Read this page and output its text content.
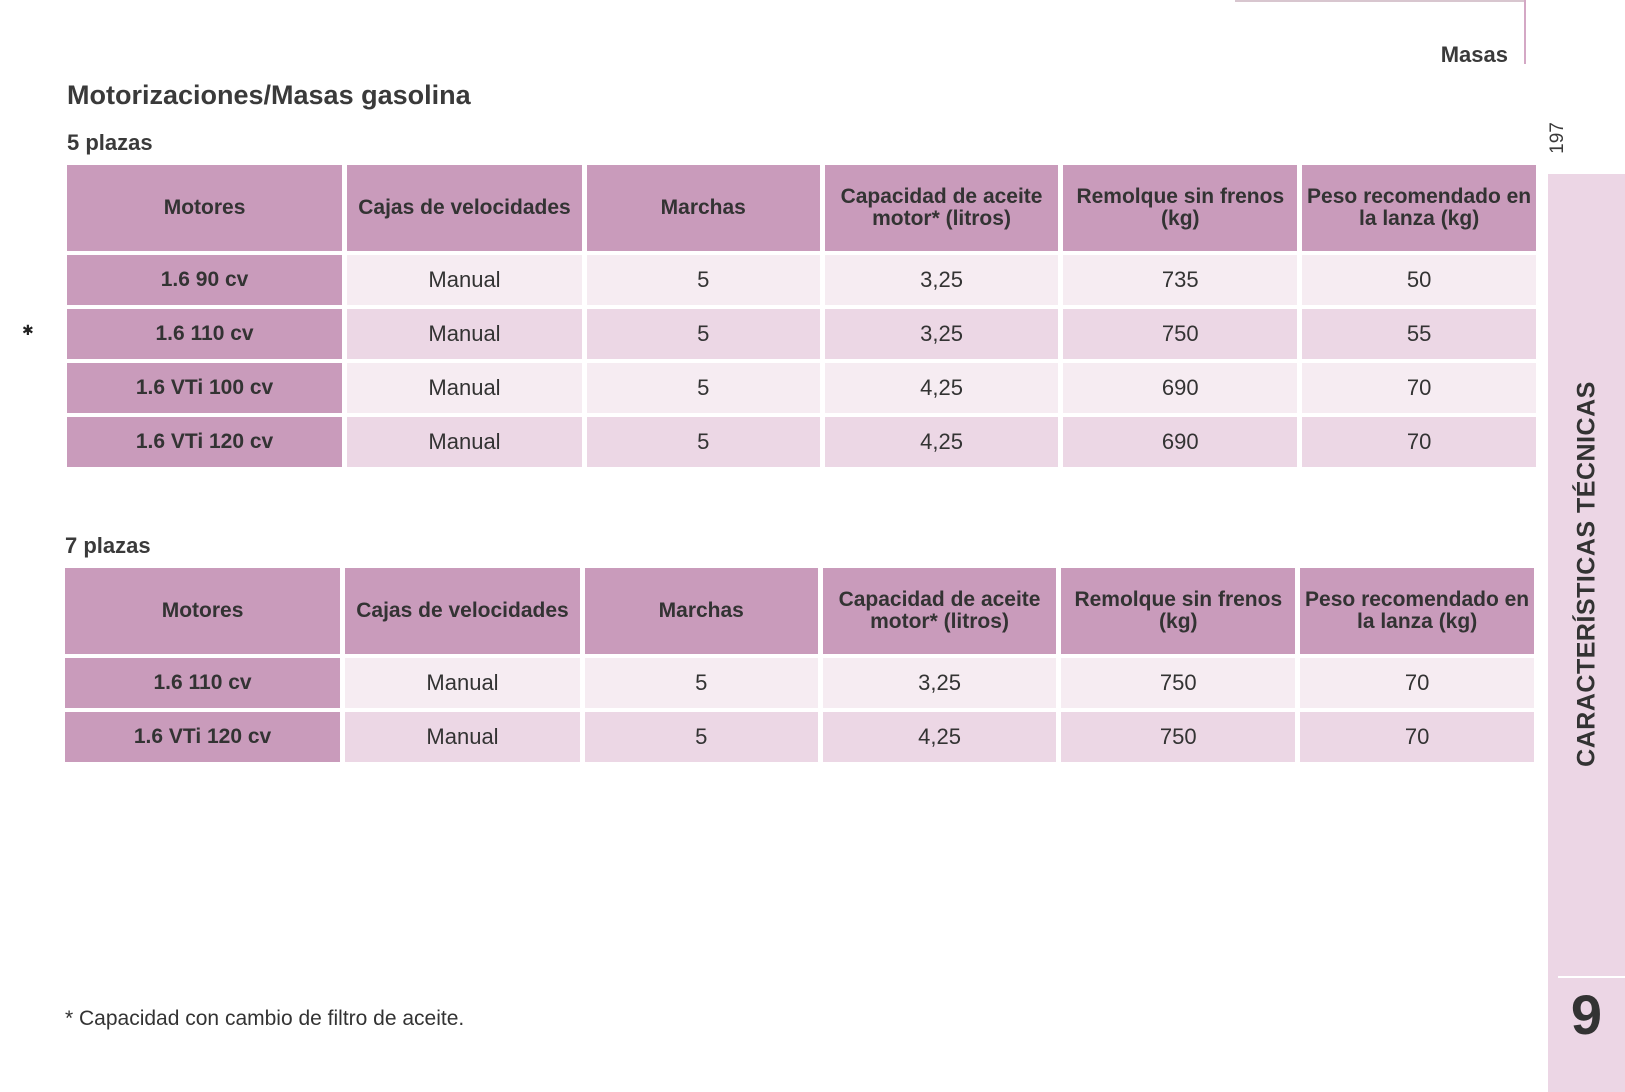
Masas
197
✱
CARACTERÍSTICAS TÉCNICAS
9
Motorizaciones/Masas gasolina
5 plazas
Motores	Cajas de velocidades	Marchas	Capacidad de aceite motor* (litros)	Remolque sin frenos (kg)	Peso recomendado en la lanza (kg)
1.6 90 cv	Manual	5	3,25	735	50
1.6 110 cv	Manual	5	3,25	750	55
1.6 VTi 100 cv	Manual	5	4,25	690	70
1.6 VTi 120 cv	Manual	5	4,25	690	70
7 plazas
Motores	Cajas de velocidades	Marchas	Capacidad de aceite motor* (litros)	Remolque sin frenos (kg)	Peso recomendado en la lanza (kg)
1.6 110 cv	Manual	5	3,25	750	70
1.6 VTi 120 cv	Manual	5	4,25	750	70
* Capacidad con cambio de filtro de aceite.
